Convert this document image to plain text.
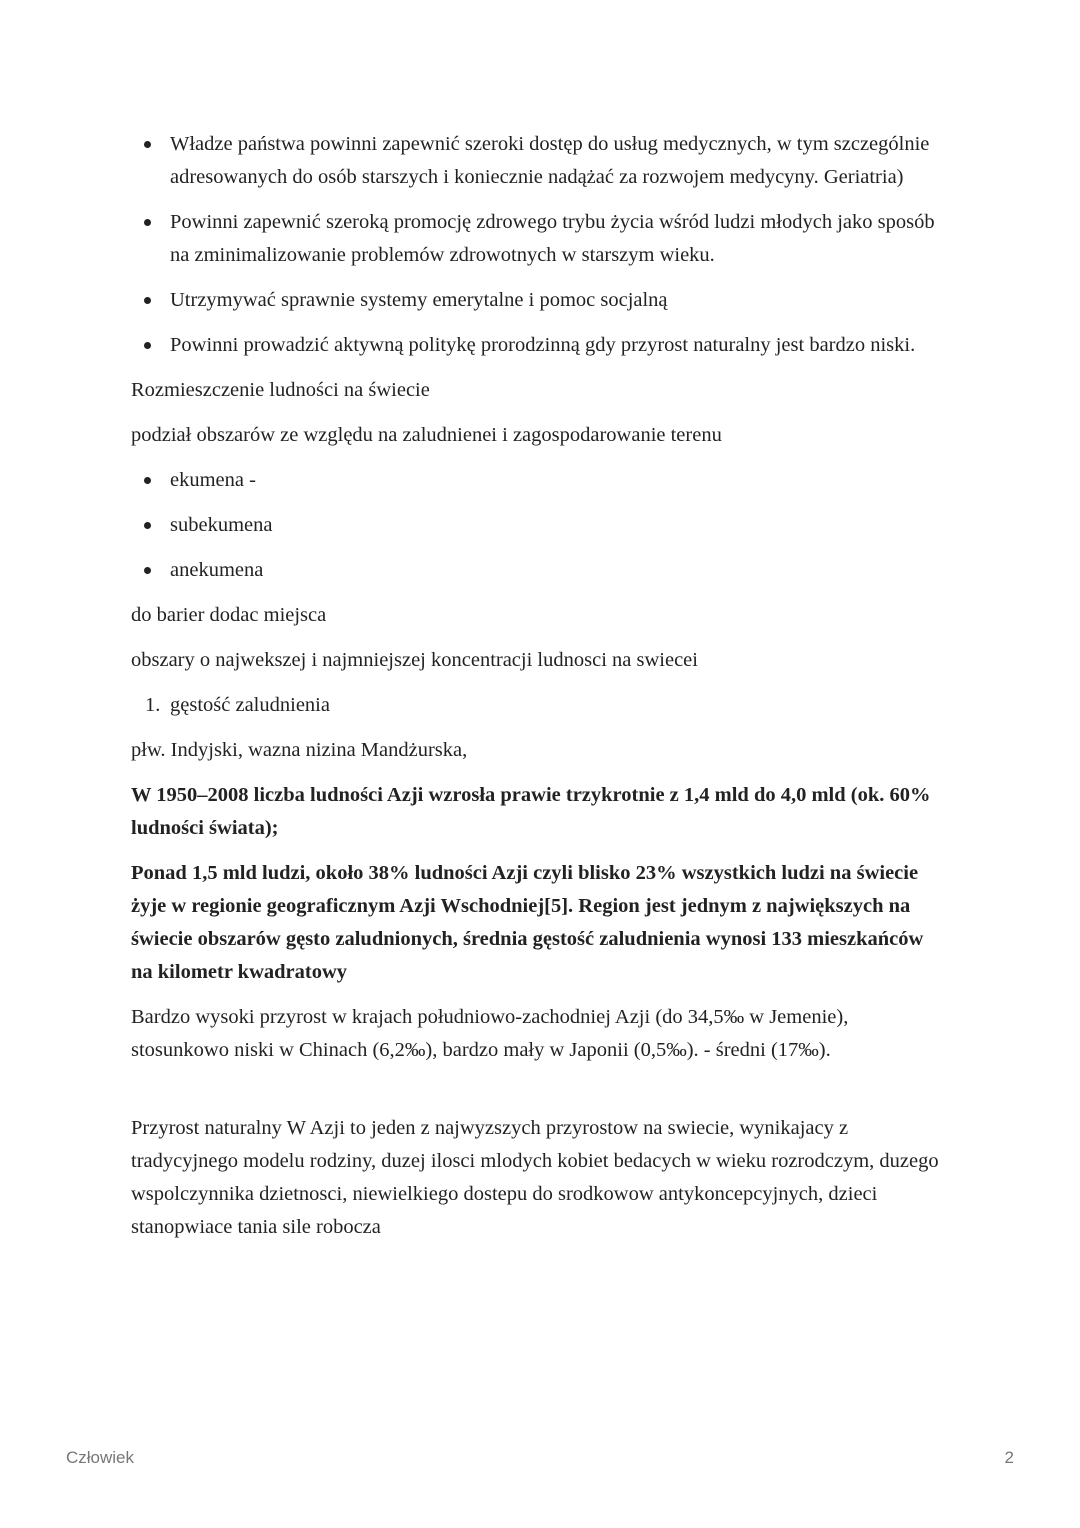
Władze państwa powinni zapewnić szeroki dostęp do usług medycznych, w tym szczególnie adresowanych do osób starszych i koniecznie nadążać za rozwojem medycyny. Geriatria)
Powinni zapewnić szeroką promocję zdrowego trybu życia wśród ludzi młodych jako sposób na zminimalizowanie problemów zdrowotnych w starszym wieku.
Utrzymywać sprawnie systemy emerytalne i pomoc socjalną
Powinni prowadzić aktywną politykę prorodzinną gdy przyrost naturalny jest bardzo niski.

Rozmieszczenie ludności na świecie

podział obszarów ze względu na zaludnienei i zagospodarowanie terenu

ekumena -
subekumena
anekumena

do barier dodac miejsca

obszary o najwekszej i najmniejszej koncentracji ludnosci na swiecei

1. gęstość zaludnienia

płw. Indyjski, wazna nizina Mandżurska,

W 1950–2008 liczba ludności Azji wzrosła prawie trzykrotnie z 1,4 mld do 4,0 mld (ok. 60% ludności świata);

Ponad 1,5 mld ludzi, około 38% ludności Azji czyli blisko 23% wszystkich ludzi na świecie żyje w regionie geograficznym Azji Wschodniej[5]. Region jest jednym z największych na świecie obszarów gęsto zaludnionych, średnia gęstość zaludnienia wynosi 133 mieszkańców na kilometr kwadratowy

Bardzo wysoki przyrost w krajach południowo-zachodniej Azji (do 34,5‰ w Jemenie), stosunkowo niski w Chinach (6,2‰), bardzo mały w Japonii (0,5‰). - średni (17‰).

Przyrost naturalny W Azji to jeden z najwyzszych przyrostow na swiecie, wynikajacy z tradycyjnego modelu rodziny, duzej ilosci mlodych kobiet bedacych w wieku rozrodczym, duzego wspolczynnika dzietnosci, niewielkiego dostepu do srodkowow antykoncepcyjnych, dzieci stanopwiace tania sile robocza

Człowiek	2
